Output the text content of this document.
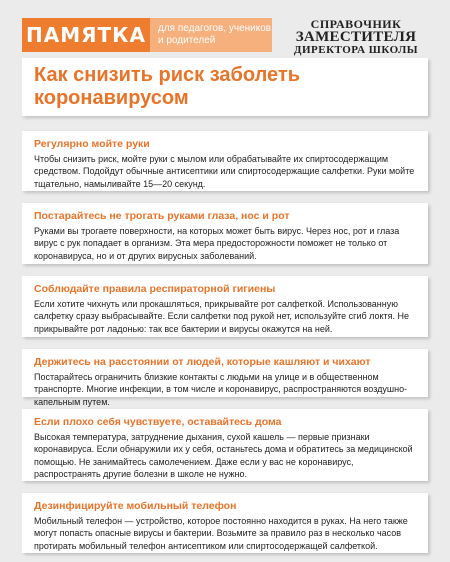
ПАМЯТКА	для педагогов, учеников и родителей
СПРАВОЧНИК
ЗАМЕСТИТЕЛЯ
ДИРЕКТОРА ШКОЛЫ
Как снизить риск заболеть коронавирусом
Регулярно мойте руки

Чтобы снизить риск, мойте руки с мылом или обрабатывайте их спиртосодержащим средством. Подойдут обычные антисептики или спиртосодержащие салфетки. Руки мойте тщательно, намыливайте 15—20 секунд.

Постарайтесь не трогать руками глаза, нос и рот

Руками вы трогаете поверхности, на которых может быть вирус. Через нос, рот и глаза вирус с рук попадает в организм. Эта мера предосторожности поможет не только от коронавируса, но и от других вирусных заболеваний.

Соблюдайте правила респираторной гигиены

Если хотите чихнуть или прокашляться, прикрывайте рот салфеткой. Использованную салфетку сразу выбрасывайте. Если салфетки под рукой нет, используйте сгиб локтя. Не прикрывайте рот ладонью: так все бактерии и вирусы окажутся на ней.

Держитесь на расстоянии от людей, которые кашляют и чихают

Постарайтесь ограничить близкие контакты с людьми на улице и в общественном транспорте. Многие инфекции, в том числе и коронавирус, распространяются воздушно-капельным путем.

Если плохо себя чувствуете, оставайтесь дома

Высокая температура, затруднение дыхания, сухой кашель — первые признаки коронавируса. Если обнаружили их у себя, останьтесь дома и обратитесь за медицинской помощью. Не занимайтесь самолечением. Даже если у вас не коронавирус, распространять другие болезни в школе не нужно.

Дезинфицируйте мобильный телефон

Мобильный телефон — устройство, которое постоянно находится в руках. На него также могут попасть опасные вирусы и бактерии. Возьмите за правило раз в несколько часов протирать мобильный телефон антисептиком или спиртосодержащей салфеткой.
